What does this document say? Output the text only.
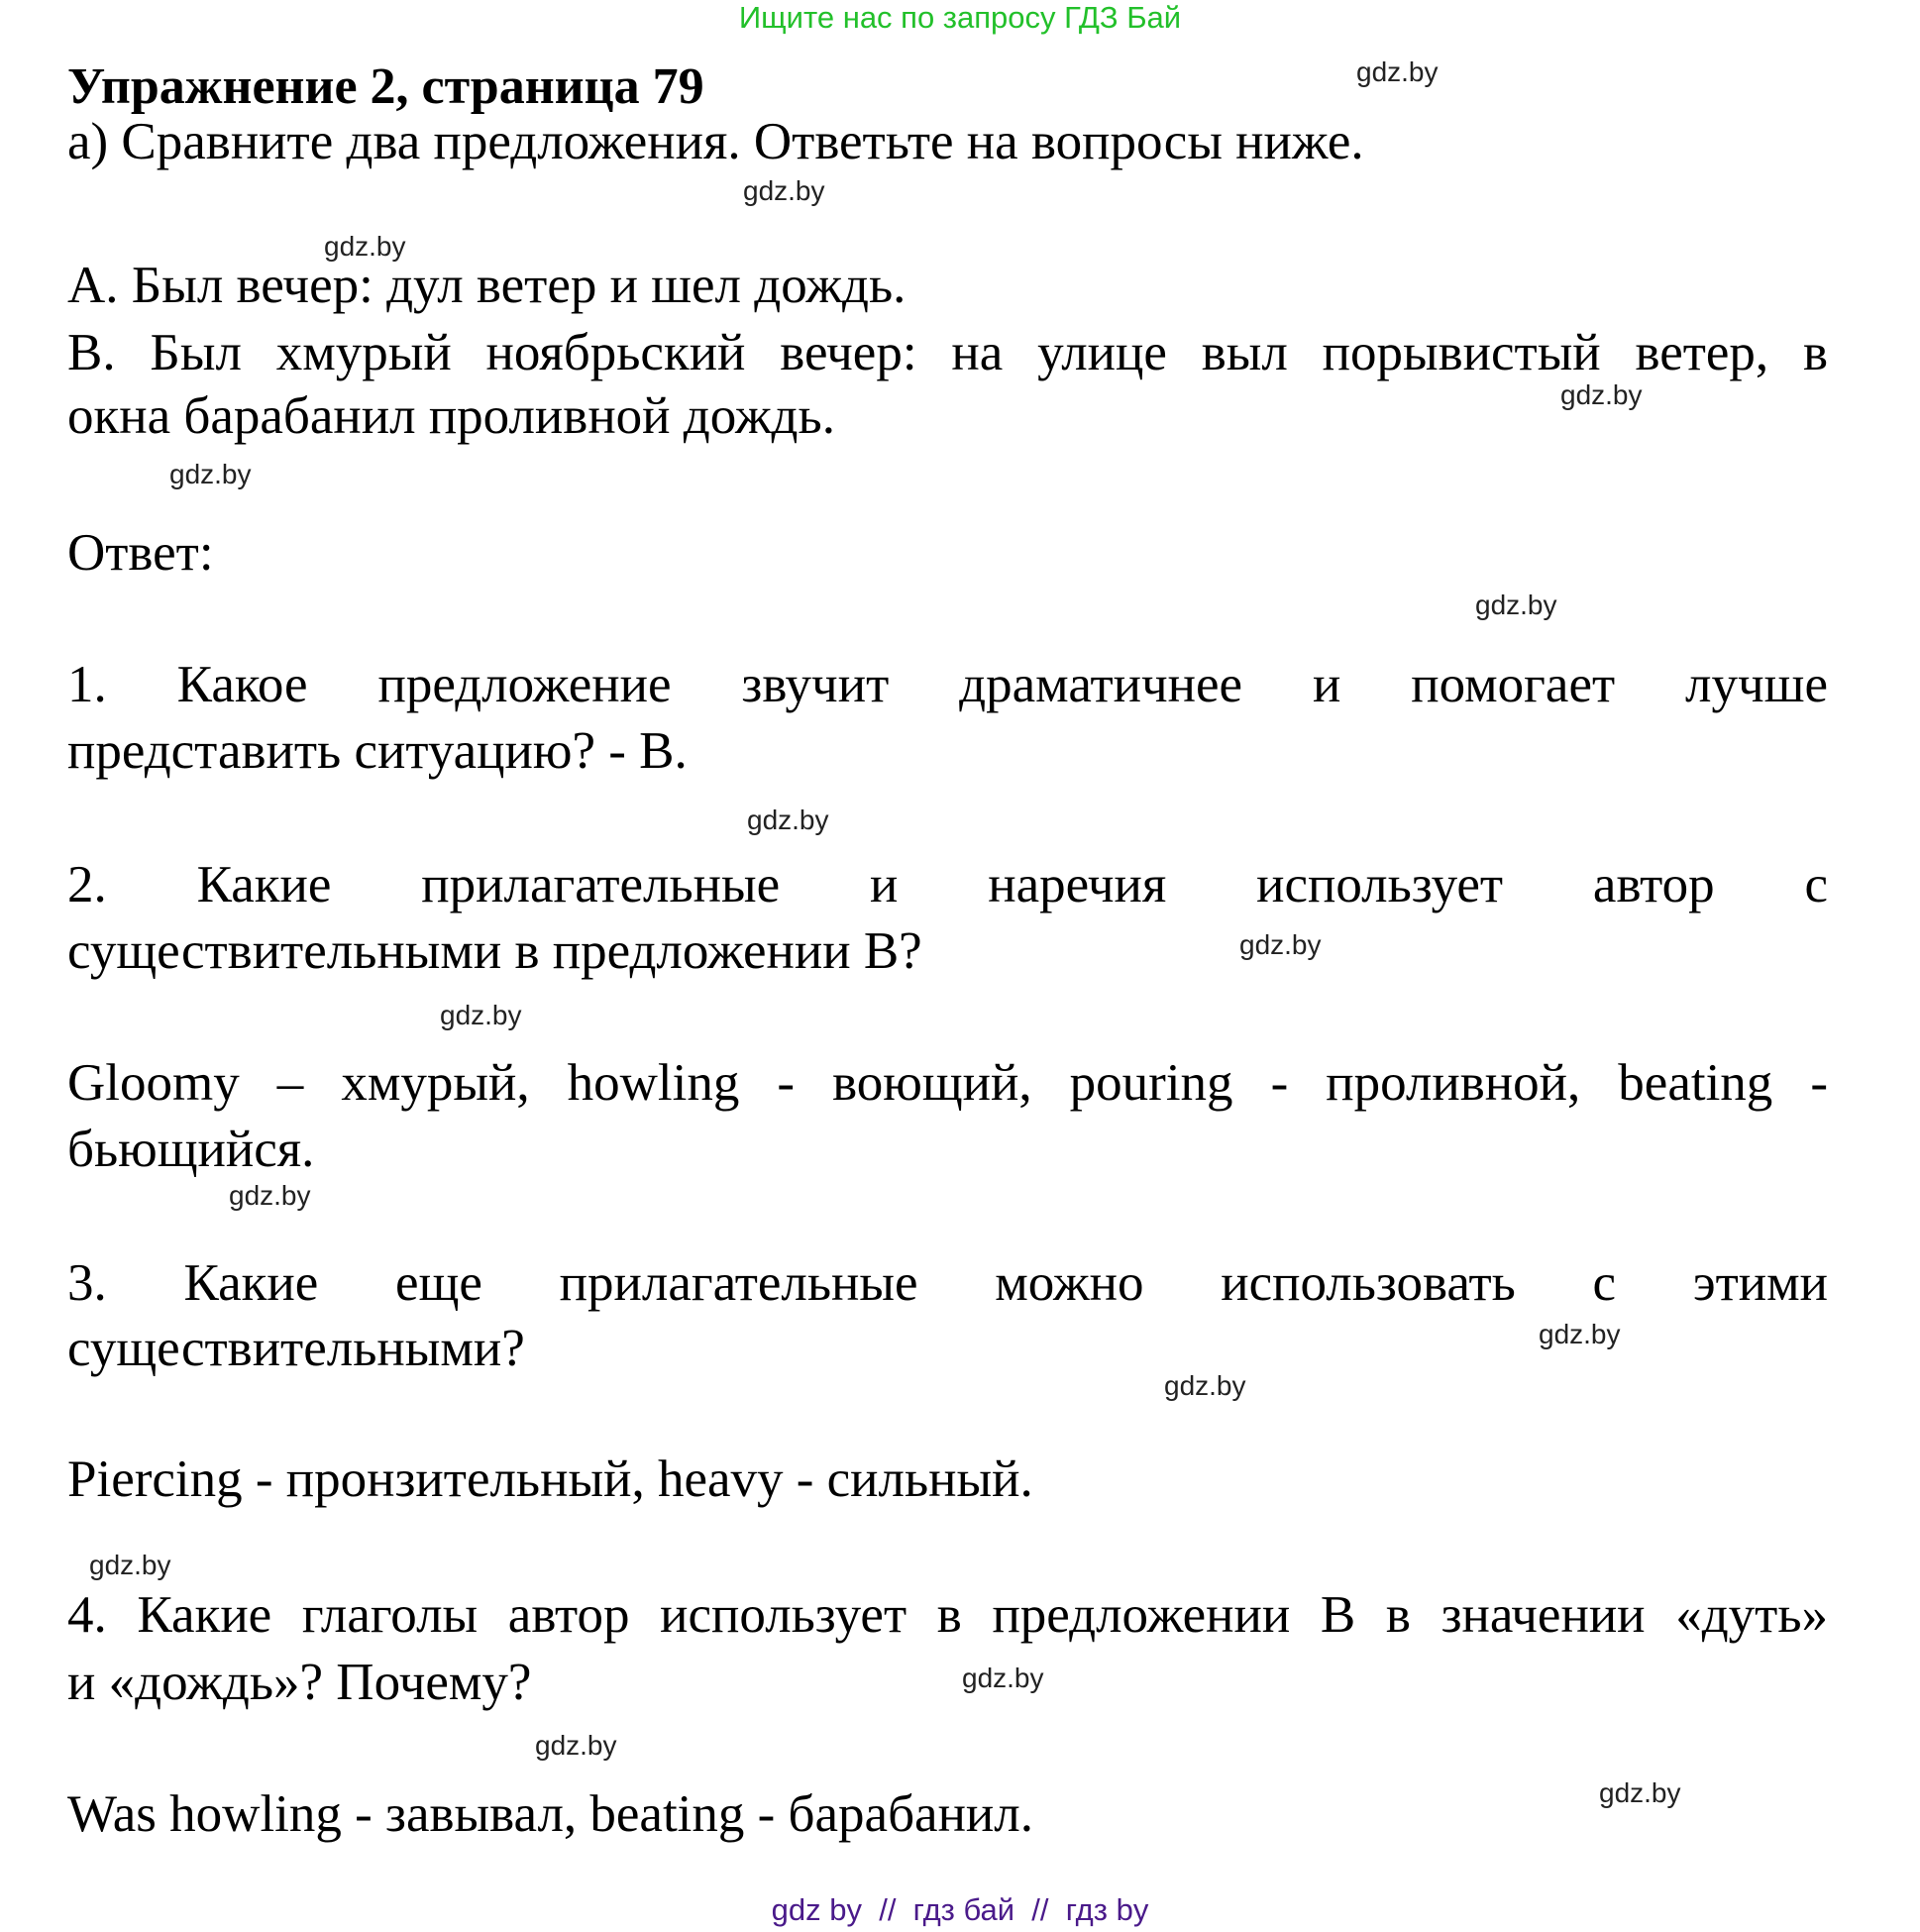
Ищите нас по запросу ГДЗ Бай
Упражнение 2, страница 79
а) Сравните два предложения. Ответьте на вопросы ниже.
А. Был вечер: дул ветер и шел дождь.
В. Был хмурый ноябрьский вечер: на улице выл порывистый ветер, в
окна барабанил проливной дождь.
Ответ:
1. Какое предложение звучит драматичнее и помогает лучше
представить ситуацию? - В.
2. Какие прилагательные и наречия использует автор с
существительными в предложении В?
Gloomy – хмурый, howling - воющий, pouring - проливной, beating -
бьющийся.
3. Какие еще прилагательные можно использовать с этими
существительными?
Piercing - пронзительный, heavy - сильный.
4. Какие глаголы автор использует в предложении В в значении «дуть»
и «дождь»? Почему?
Was howling - завывал, beating - барабанил.
gdz.by
gdz.by
gdz.by
gdz.by
gdz.by
gdz.by
gdz.by
gdz.by
gdz.by
gdz.by
gdz.by
gdz.by
gdz.by
gdz.by
gdz.by
gdz.by
gdz by  //  гдз бай  //  гдз by
